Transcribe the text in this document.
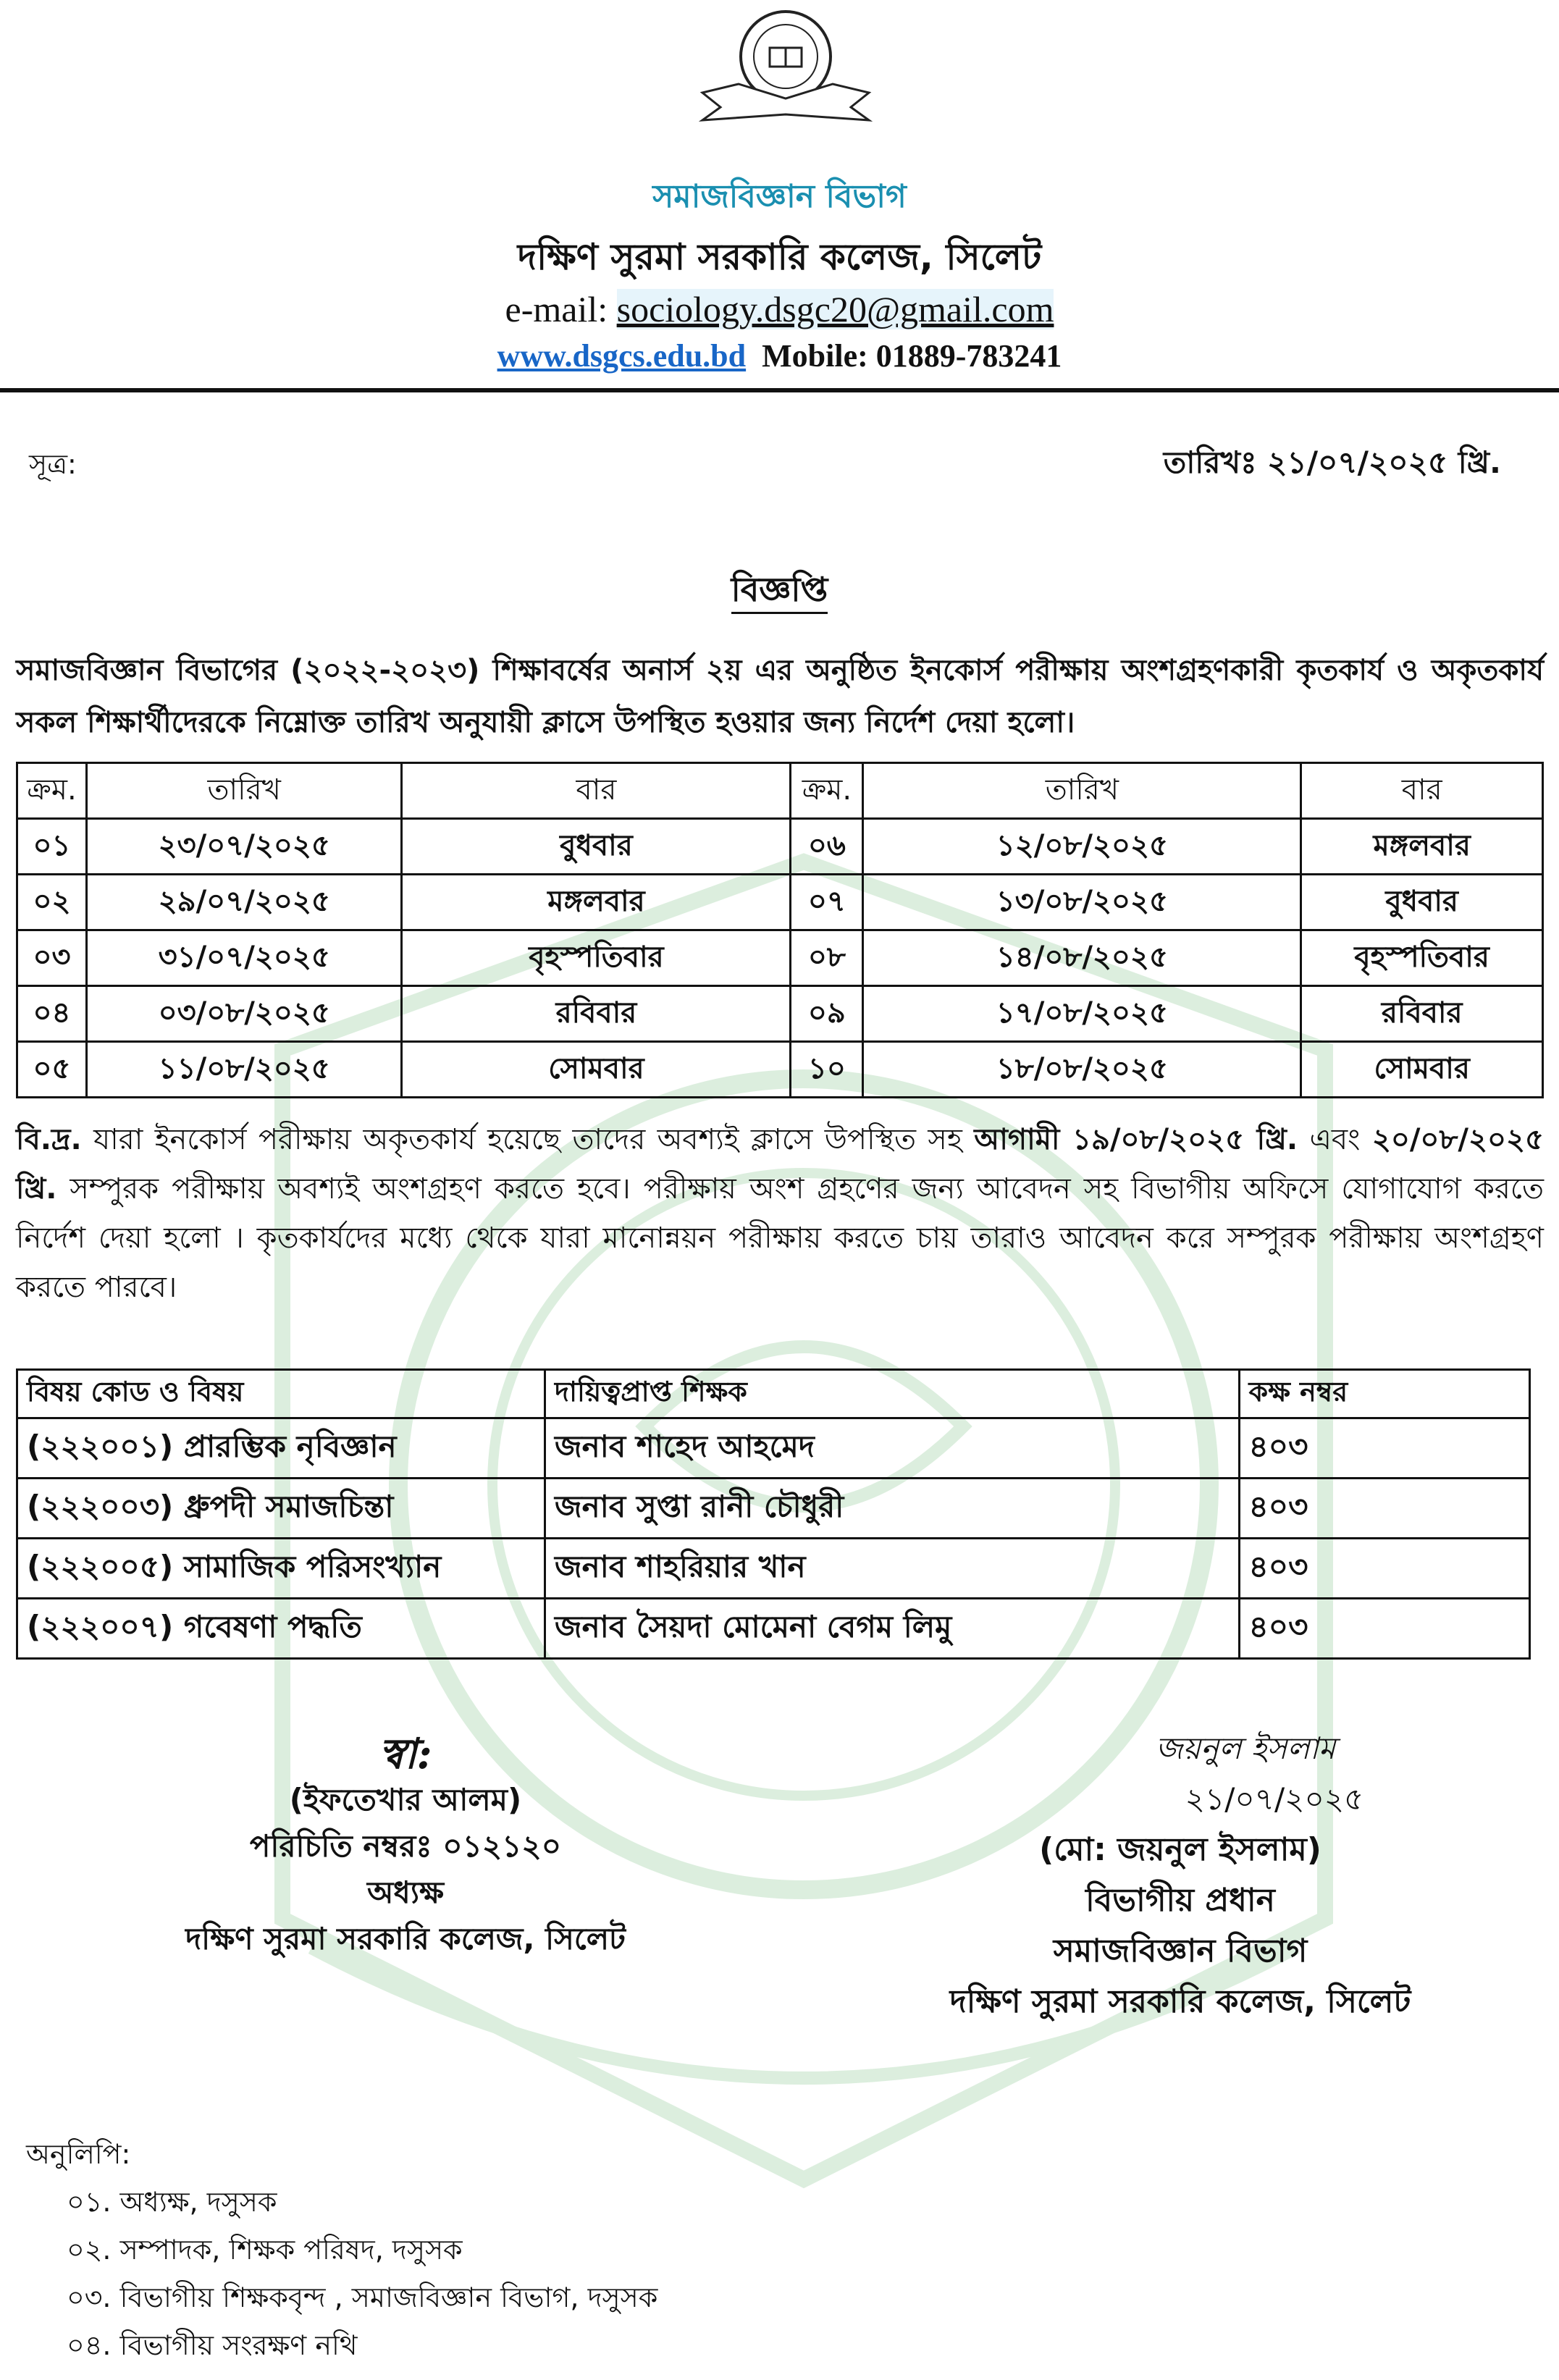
সমাজবিজ্ঞান বিভাগ
দক্ষিণ সুরমা সরকারি কলেজ, সিলেট
e-mail: sociology.dsgc20@gmail.com
www.dsgcs.edu.bd Mobile: 01889-783241
সূত্র:	তারিখঃ ২১/০৭/২০২৫ খ্রি.
বিজ্ঞপ্তি
সমাজবিজ্ঞান বিভাগের (২০২২-২০২৩) শিক্ষাবর্ষের অনার্স ২য় এর অনুষ্ঠিত ইনকোর্স পরীক্ষায় অংশগ্রহণকারী কৃতকার্য ও অকৃতকার্য সকল শিক্ষার্থীদেরকে নিম্নোক্ত তারিখ অনুযায়ী ক্লাসে উপস্থিত হওয়ার জন্য নির্দেশ দেয়া হলো।
ক্রম.	তারিখ	বার	ক্রম.	তারিখ	বার
০১	২৩/০৭/২০২৫	বুধবার	০৬	১২/০৮/২০২৫	মঙ্গলবার
০২	২৯/০৭/২০২৫	মঙ্গলবার	০৭	১৩/০৮/২০২৫	বুধবার
০৩	৩১/০৭/২০২৫	বৃহস্পতিবার	০৮	১৪/০৮/২০২৫	বৃহস্পতিবার
০৪	০৩/০৮/২০২৫	রবিবার	০৯	১৭/০৮/২০২৫	রবিবার
০৫	১১/০৮/২০২৫	সোমবার	১০	১৮/০৮/২০২৫	সোমবার
বি.দ্র. যারা ইনকোর্স পরীক্ষায় অকৃতকার্য হয়েছে তাদের অবশ্যই ক্লাসে উপস্থিত সহ আগামী ১৯/০৮/২০২৫ খ্রি. এবং ২০/০৮/২০২৫ খ্রি. সম্পুরক পরীক্ষায় অবশ্যই অংশগ্রহণ করতে হবে। পরীক্ষায় অংশ গ্রহণের জন্য আবেদন সহ বিভাগীয় অফিসে যোগাযোগ করতে নির্দেশ দেয়া হলো । কৃতকার্যদের মধ্যে থেকে যারা মানোন্নয়ন পরীক্ষায় করতে চায় তারাও আবেদন করে সম্পুরক পরীক্ষায় অংশগ্রহণ করতে পারবে।
বিষয় কোড ও বিষয়	দায়িত্বপ্রাপ্ত শিক্ষক	কক্ষ নম্বর
(২২২০০১) প্রারম্ভিক নৃবিজ্ঞান	জনাব শাহেদ আহমেদ	৪০৩
(২২২০০৩) ধ্রুপদী সমাজচিন্তা	জনাব সুপ্তা রানী চৌধুরী	৪০৩
(২২২০০৫) সামাজিক পরিসংখ্যান	জনাব শাহরিয়ার খান	৪০৩
(২২২০০৭) গবেষণা পদ্ধতি	জনাব সৈয়দা মোমেনা বেগম লিমু	৪০৩
স্বা:
(ইফতেখার আলম)
পরিচিতি নম্বরঃ ০১২১২০
অধ্যক্ষ
দক্ষিণ সুরমা সরকারি কলেজ, সিলেট
জয়নুল ইসলাম
২১/০৭/২০২৫
(মো: জয়নুল ইসলাম)
বিভাগীয় প্রধান
সমাজবিজ্ঞান বিভাগ
দক্ষিণ সুরমা সরকারি কলেজ, সিলেট
অনুলিপি:
০১. অধ্যক্ষ, দসুসক
০২. সম্পাদক, শিক্ষক পরিষদ, দসুসক
০৩. বিভাগীয় শিক্ষকবৃন্দ , সমাজবিজ্ঞান বিভাগ, দসুসক
০৪. বিভাগীয় সংরক্ষণ নথি
